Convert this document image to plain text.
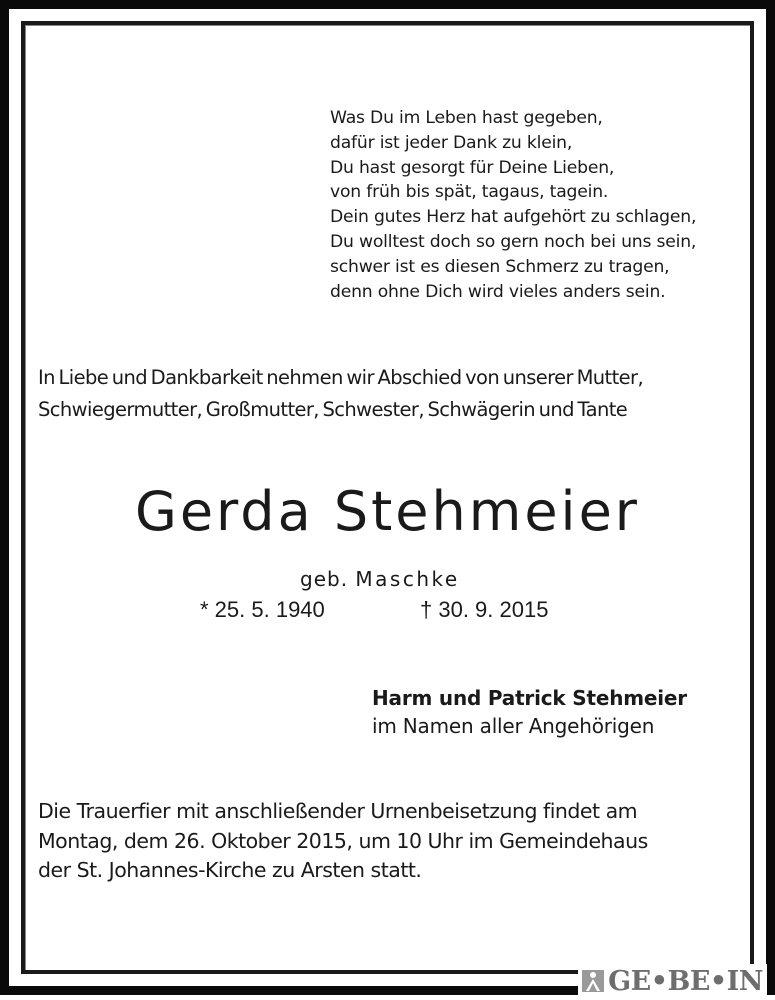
Was Du im Leben hast gegeben,
dafür ist jeder Dank zu klein,
Du hast gesorgt für Deine Lieben,
von früh bis spät, tagaus, tagein.
Dein gutes Herz hat aufgehört zu schlagen,
Du wolltest doch so gern noch bei uns sein,
schwer ist es diesen Schmerz zu tragen,
denn ohne Dich wird vieles anders sein.
In Liebe und Dankbarkeit nehmen wir Abschied von unserer Mutter,
Schwiegermutter, Großmutter, Schwester, Schwägerin und Tante
Gerda Stehmeier
geb. Maschke
* 25. 5. 1940	† 30. 9. 2015
Harm und Patrick Stehmeier
im Namen aller Angehörigen
Die Trauerfier mit anschließender Urnenbeisetzung findet am
Montag, dem 26. Oktober 2015, um 10 Uhr im Gemeindehaus
der St. Johannes-Kirche zu Arsten statt.
GE•BE•IN
